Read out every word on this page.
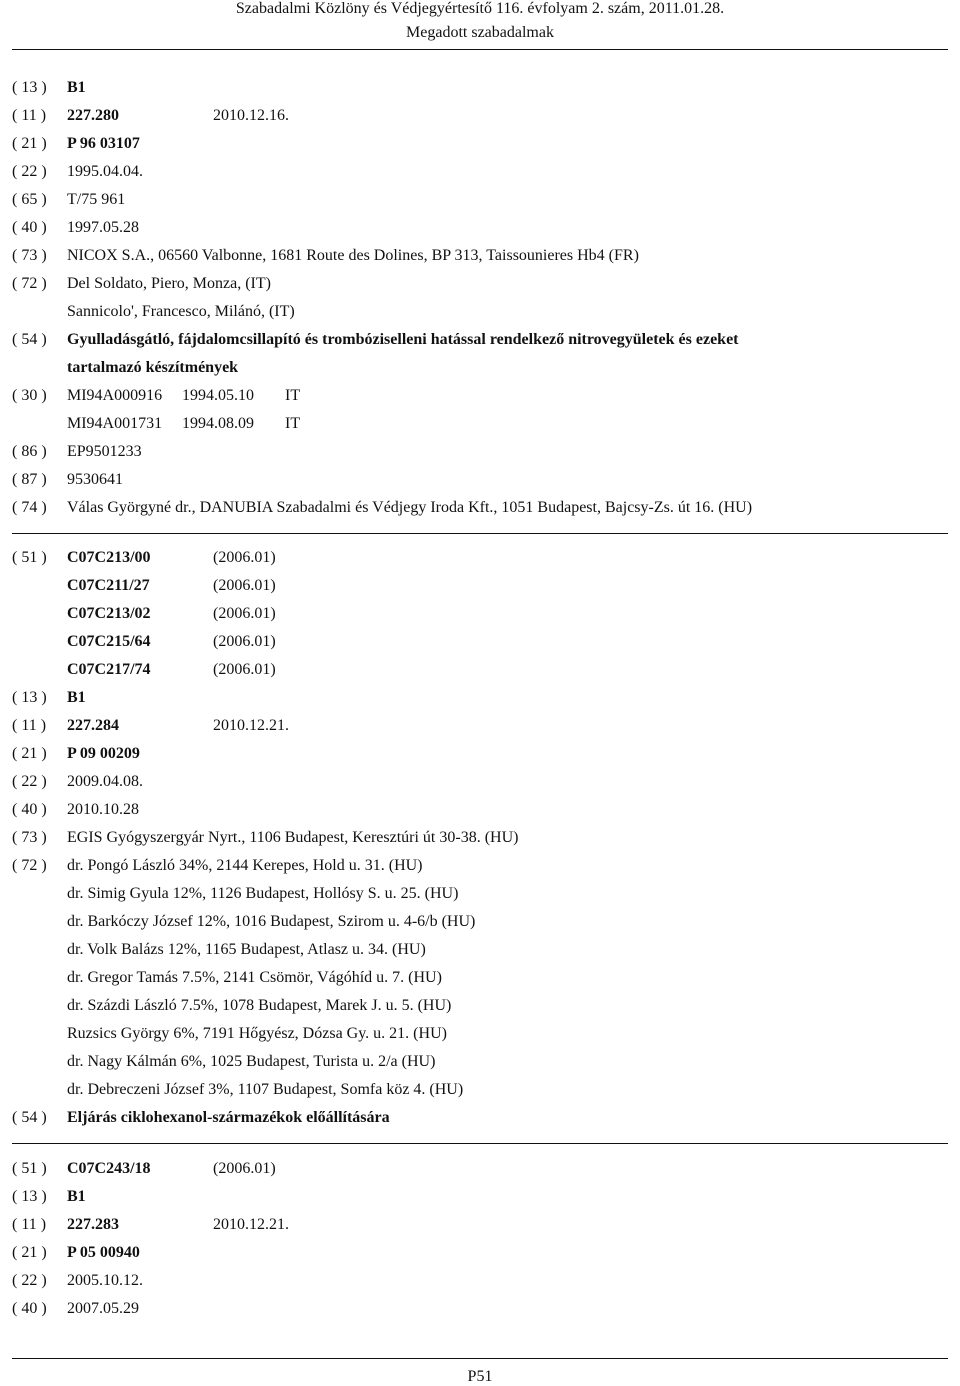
Szabadalmi Közlöny és Védjegyértesítő 116. évfolyam 2. szám, 2011.01.28.
Megadott szabadalmak
( 13 ) B1
( 11 ) 227.280	2010.12.16.
( 21 ) P 96 03107
( 22 ) 1995.04.04.
( 65 ) T/75 961
( 40 ) 1997.05.28
( 73 ) NICOX S.A., 06560 Valbonne, 1681 Route des Dolines, BP 313, Taissounieres Hb4 (FR)
( 72 ) Del Soldato, Piero, Monza, (IT)
Sannicolo', Francesco, Milánó, (IT)
( 54 ) Gyulladásgátló, fájdalomcsillapító és trombóziselleni hatással rendelkező nitrovegyületek és ezeket
tartalmazó készítmények
( 30 ) MI94A000916 1994.05.10 IT
MI94A001731 1994.08.09 IT
( 86 ) EP9501233
( 87 ) 9530641
( 74 ) Válas Györgyné dr., DANUBIA Szabadalmi és Védjegy Iroda Kft., 1051 Budapest, Bajcsy-Zs. út 16. (HU)
( 51 ) C07C213/00	(2006.01)
C07C211/27	(2006.01)
C07C213/02	(2006.01)
C07C215/64	(2006.01)
C07C217/74	(2006.01)
( 13 ) B1
( 11 ) 227.284	2010.12.21.
( 21 ) P 09 00209
( 22 ) 2009.04.08.
( 40 ) 2010.10.28
( 73 ) EGIS Gyógyszergyár Nyrt., 1106 Budapest, Keresztúri út 30-38. (HU)
( 72 ) dr. Pongó László 34%, 2144 Kerepes, Hold u. 31. (HU)
dr. Simig Gyula 12%, 1126 Budapest, Hollósy S. u. 25. (HU)
dr. Barkóczy József 12%, 1016 Budapest, Szirom u. 4-6/b (HU)
dr. Volk Balázs 12%, 1165 Budapest, Atlasz u. 34. (HU)
dr. Gregor Tamás 7.5%, 2141 Csömör, Vágóhíd u. 7. (HU)
dr. Százdi László 7.5%, 1078 Budapest, Marek J. u. 5. (HU)
Ruzsics György 6%, 7191 Hőgyész, Dózsa Gy. u. 21. (HU)
dr. Nagy Kálmán 6%, 1025 Budapest, Turista u. 2/a (HU)
dr. Debreczeni József 3%, 1107 Budapest, Somfa köz 4. (HU)
( 54 ) Eljárás ciklohexanol-származékok előállítására
( 51 ) C07C243/18	(2006.01)
( 13 ) B1
( 11 ) 227.283	2010.12.21.
( 21 ) P 05 00940
( 22 ) 2005.10.12.
( 40 ) 2007.05.29
P51
